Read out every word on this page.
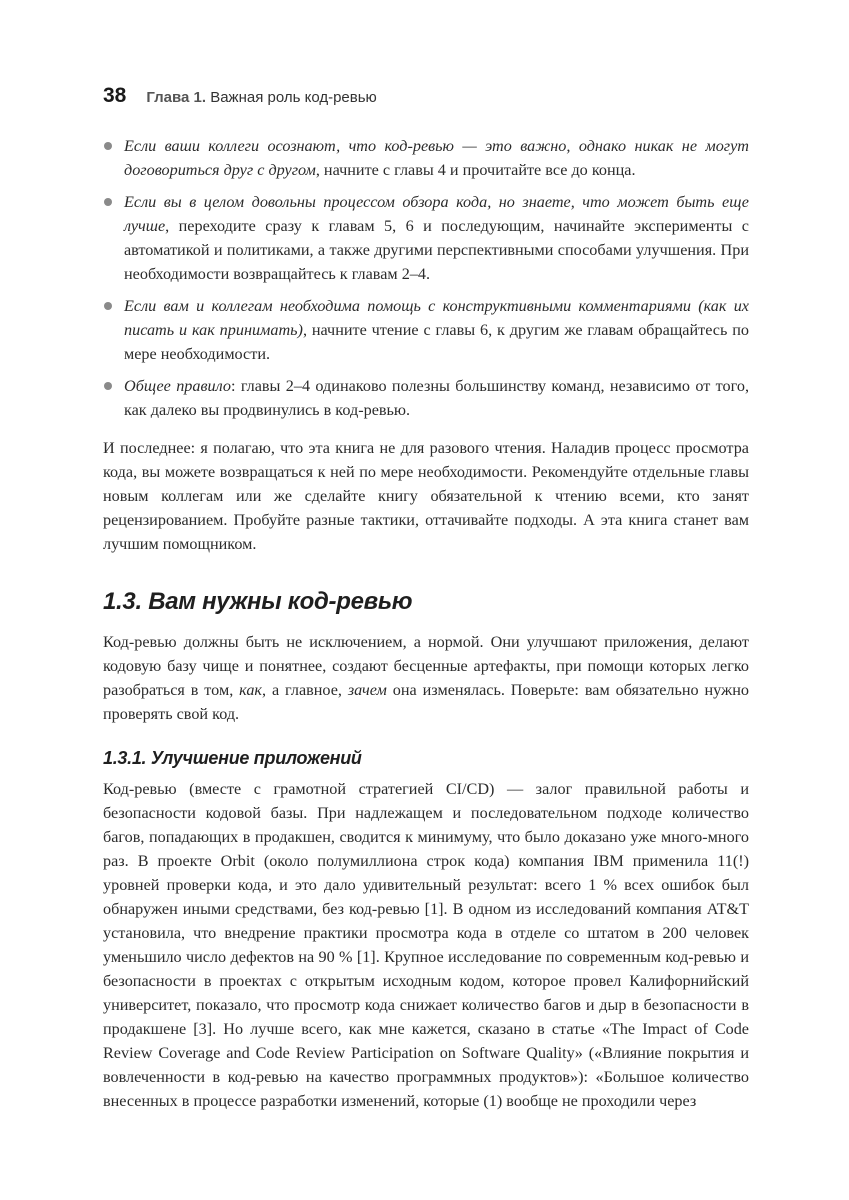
38 Глава 1. Важная роль код-ревью
Если ваши коллеги осознают, что код-ревью — это важно, однако никак не могут договориться друг с другом, начните с главы 4 и прочитайте все до конца.
Если вы в целом довольны процессом обзора кода, но знаете, что может быть еще лучше, переходите сразу к главам 5, 6 и последующим, начинайте эксперименты с автоматикой и политиками, а также другими перспективными способами улучшения. При необходимости возвращайтесь к главам 2–4.
Если вам и коллегам необходима помощь с конструктивными комментариями (как их писать и как принимать), начните чтение с главы 6, к другим же главам обращайтесь по мере необходимости.
Общее правило: главы 2–4 одинаково полезны большинству команд, независимо от того, как далеко вы продвинулись в код-ревью.

И последнее: я полагаю, что эта книга не для разового чтения. Наладив процесс просмотра кода, вы можете возвращаться к ней по мере необходимости. Рекомендуйте отдельные главы новым коллегам или же сделайте книгу обязательной к чтению всеми, кто занят рецензированием. Пробуйте разные тактики, оттачивайте подходы. А эта книга станет вам лучшим помощником.

1.3. Вам нужны код-ревью

Код-ревью должны быть не исключением, а нормой. Они улучшают приложения, делают кодовую базу чище и понятнее, создают бесценные артефакты, при помощи которых легко разобраться в том, как, а главное, зачем она изменялась. Поверьте: вам обязательно нужно проверять свой код.

1.3.1. Улучшение приложений

Код-ревью (вместе с грамотной стратегией CI/CD) — залог правильной работы и безопасности кодовой базы. При надлежащем и последовательном подходе количество багов, попадающих в продакшен, сводится к минимуму, что было доказано уже много-много раз. В проекте Orbit (около полумиллиона строк кода) компания IBM применила 11(!) уровней проверки кода, и это дало удивительный результат: всего 1 % всех ошибок был обнаружен иными средствами, без код-ревью [1]. В одном из исследований компания AT&T установила, что внедрение практики просмотра кода в отделе со штатом в 200 человек уменьшило число дефектов на 90 % [1]. Крупное исследование по современным код-ревью и безопасности в проектах с открытым исходным кодом, которое провел Калифорнийский университет, показало, что просмотр кода снижает количество багов и дыр в безопасности в продакшене [3]. Но лучше всего, как мне кажется, сказано в статье «The Impact of Code Review Coverage and Code Review Participation on Software Quality» («Влияние покрытия и вовлеченности в код-ревью на качество программных продуктов»): «Большое количество внесенных в процессе разработки изменений, которые (1) вообще не проходили через
